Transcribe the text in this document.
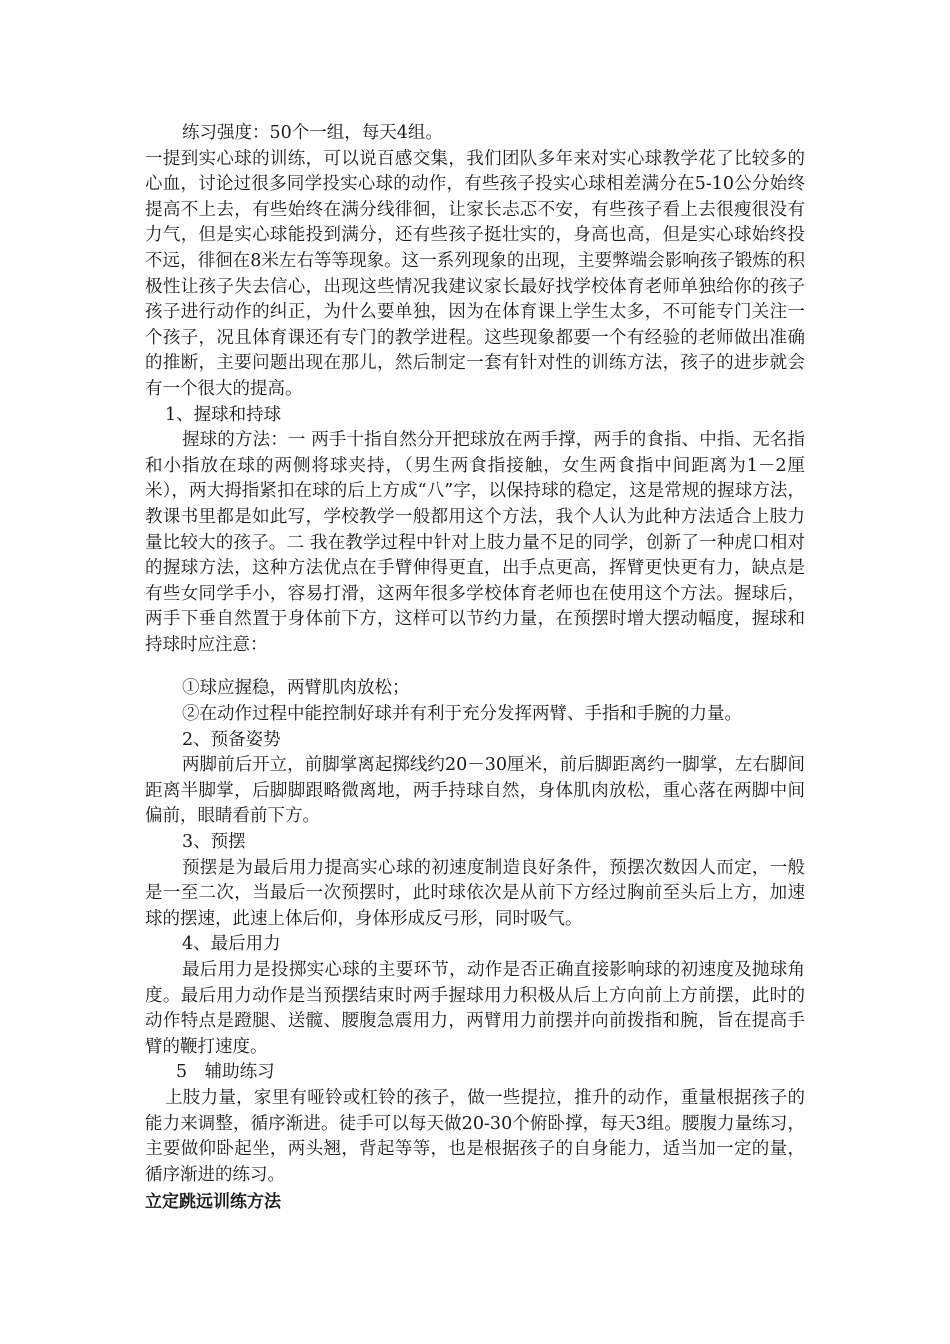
练习强度：50个一组，每天4组。

一提到实心球的训练，可以说百感交集，我们团队多年来对实心球教学花了比较多的心血，讨论过很多同学投实心球的动作，有些孩子投实心球相差满分在5-10公分始终提高不上去，有些始终在满分线徘徊，让家长忐忑不安，有些孩子看上去很瘦很没有力气，但是实心球能投到满分，还有些孩子挺壮实的，身高也高，但是实心球始终投不远，徘徊在8米左右等等现象。这一系列现象的出现，主要弊端会影响孩子锻炼的积极性让孩子失去信心，出现这些情况我建议家长最好找学校体育老师单独给你的孩子孩子进行动作的纠正，为什么要单独，因为在体育课上学生太多，不可能专门关注一个孩子，况且体育课还有专门的教学进程。这些现象都要一个有经验的老师做出准确的推断，主要问题出现在那儿，然后制定一套有针对性的训练方法，孩子的进步就会有一个很大的提高。

1、握球和持球

握球的方法：一 两手十指自然分开把球放在两手撑，两手的食指、中指、无名指和小指放在球的两侧将球夹持，（男生两食指接触，女生两食指中间距离为1－2厘米），两大拇指紧扣在球的后上方成“八”字，以保持球的稳定，这是常规的握球方法，教课书里都是如此写，学校教学一般都用这个方法，我个人认为此种方法适合上肢力量比较大的孩子。二 我在教学过程中针对上肢力量不足的同学，创新了一种虎口相对的握球方法，这种方法优点在手臂伸得更直，出手点更高，挥臂更快更有力，缺点是有些女同学手小，容易打滑，这两年很多学校体育老师也在使用这个方法。握球后，两手下垂自然置于身体前下方，这样可以节约力量，在预摆时增大摆动幅度，握球和持球时应注意：

①球应握稳，两臂肌肉放松；

②在动作过程中能控制好球并有利于充分发挥两臂、手指和手腕的力量。

2、预备姿势

两脚前后开立，前脚掌离起掷线约20－30厘米，前后脚距离约一脚掌，左右脚间距离半脚掌，后脚脚跟略微离地，两手持球自然，身体肌肉放松，重心落在两脚中间偏前，眼睛看前下方。

3、预摆

预摆是为最后用力提高实心球的初速度制造良好条件，预摆次数因人而定，一般是一至二次，当最后一次预摆时，此时球依次是从前下方经过胸前至头后上方，加速球的摆速，此速上体后仰，身体形成反弓形，同时吸气。

4、最后用力

最后用力是投掷实心球的主要环节，动作是否正确直接影响球的初速度及抛球角度。最后用力动作是当预摆结束时两手握球用力积极从后上方向前上方前摆，此时的动作特点是蹬腿、送髋、腰腹急震用力，两臂用力前摆并向前拨指和腕，旨在提高手臂的鞭打速度。

5　辅助练习

上肢力量，家里有哑铃或杠铃的孩子，做一些提拉，推升的动作，重量根据孩子的能力来调整，循序渐进。徒手可以每天做20-30个俯卧撑，每天3组。腰腹力量练习，主要做仰卧起坐，两头翘，背起等等，也是根据孩子的自身能力，适当加一定的量，循序渐进的练习。

立定跳远训练方法
